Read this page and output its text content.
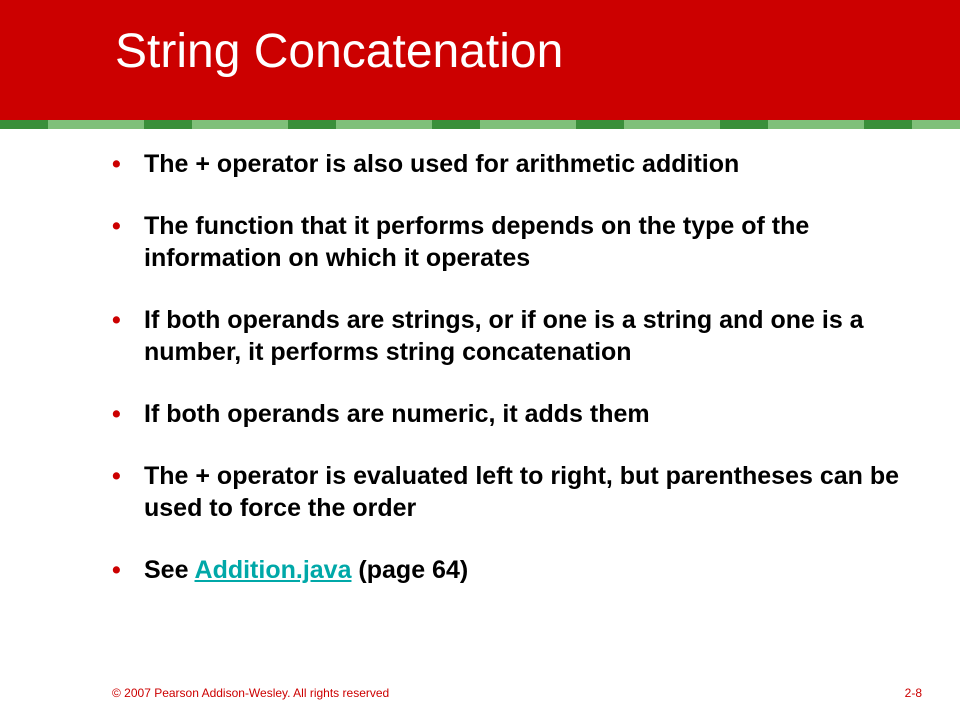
String Concatenation
• The + operator is also used for arithmetic addition
• The function that it performs depends on the type of the information on which it operates
• If both operands are strings, or if one is a string and one is a number, it performs string concatenation
• If both operands are numeric, it adds them
• The + operator is evaluated left to right, but parentheses can be used to force the order
• See Addition.java (page 64)
© 2007 Pearson Addison-Wesley. All rights reserved	2-8
